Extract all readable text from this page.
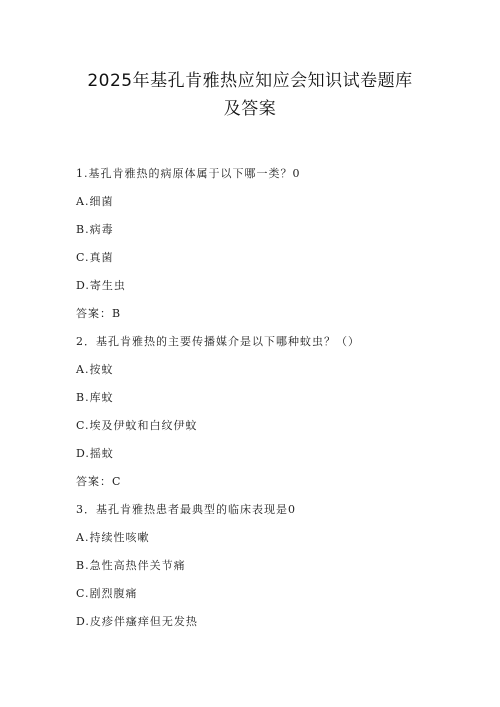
2025年基孔肯雅热应知应会知识试卷题库
及答案
1.基孔肯雅热的病原体属于以下哪一类？0
A.细菌
B.病毒
C.真菌
D.寄生虫
答案：B
2．基孔肯雅热的主要传播媒介是以下哪种蚊虫？（）
A.按蚊
B.库蚊
C.埃及伊蚊和白纹伊蚊
D.摇蚊
答案：C
3．基孔肯雅热患者最典型的临床表现是0
A.持续性咳嗽
B.急性高热伴关节痛
C.剧烈腹痛
D.皮疹伴瘙痒但无发热
